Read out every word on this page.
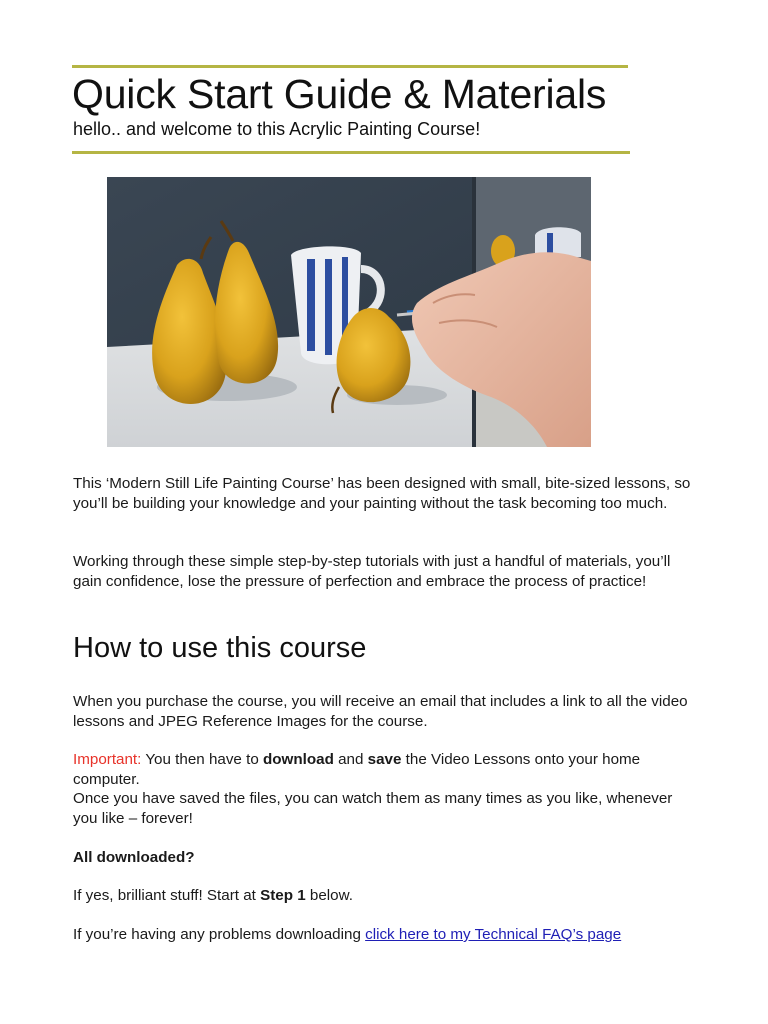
Quick Start Guide & Materials

hello.. and welcome to this Acrylic Painting Course!

This ‘Modern Still Life Painting Course’ has been designed with small, bite-sized lessons, so you’ll be building your knowledge and your painting without the task becoming too much.

Working through these simple step-by-step tutorials with just a handful of materials, you’ll gain confidence, lose the pressure of perfection and embrace the process of practice!

How to use this course

When you purchase the course, you will receive an email that includes a link to all the video lessons and JPEG Reference Images for the course.

Important: You then have to download and save the Video Lessons onto your home computer.
Once you have saved the files, you can watch them as many times as you like, whenever you like – forever!

All downloaded?

If yes, brilliant stuff! Start at Step 1 below.

If you’re having any problems downloading click here to my Technical FAQ’s page
